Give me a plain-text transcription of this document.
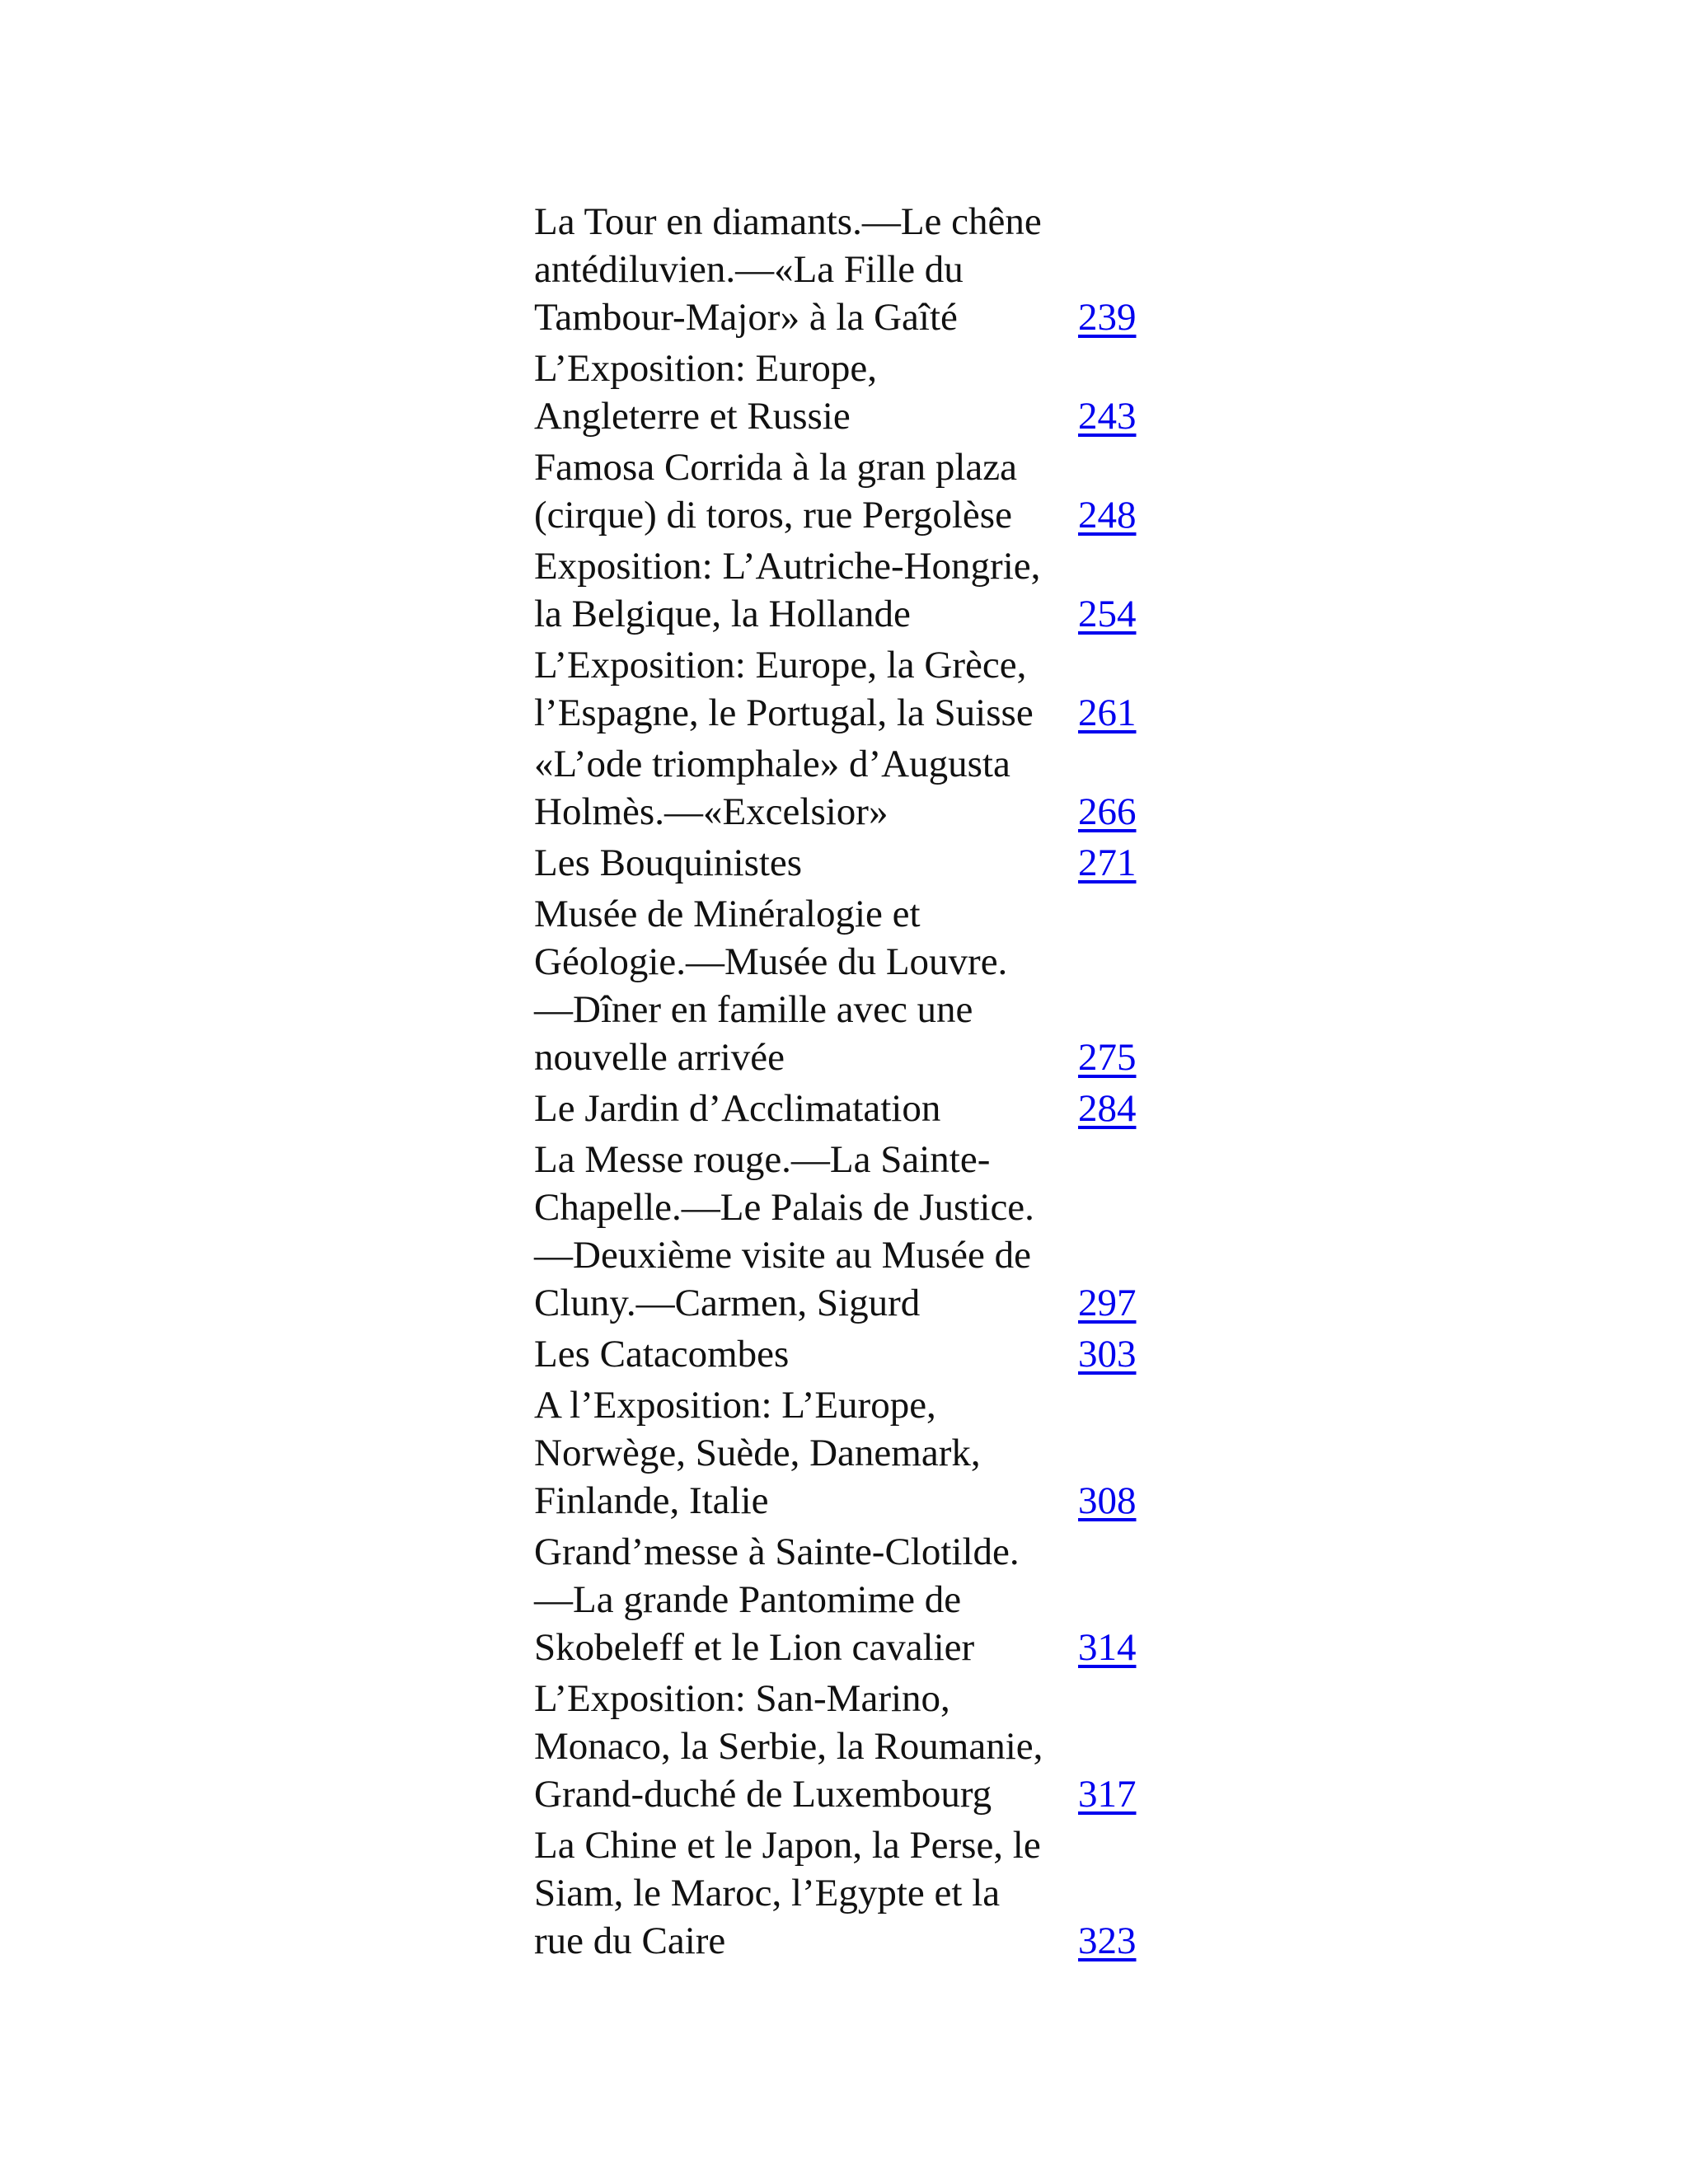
La Tour en diamants.—Le chêne
antédiluvien.—«La Fille du
Tambour-Major» à la Gaîté	239

L’Exposition: Europe,
Angleterre et Russie	243

Famosa Corrida à la gran plaza
(cirque) di toros, rue Pergolèse	248

Exposition: L’Autriche-Hongrie,
la Belgique, la Hollande	254

L’Exposition: Europe, la Grèce,
l’Espagne, le Portugal, la Suisse	261

«L’ode triomphale» d’Augusta
Holmès.—«Excelsior»	266

Les Bouquinistes	271

Musée de Minéralogie et
Géologie.—Musée du Louvre.
—Dîner en famille avec une
nouvelle arrivée	275

Le Jardin d’Acclimatation	284

La Messe rouge.—La Sainte-
Chapelle.—Le Palais de Justice.
—Deuxième visite au Musée de
Cluny.—Carmen, Sigurd	297

Les Catacombes	303

A l’Exposition: L’Europe,
Norwège, Suède, Danemark,
Finlande, Italie	308

Grand’messe à Sainte-Clotilde.
—La grande Pantomime de
Skobeleff et le Lion cavalier	314

L’Exposition: San-Marino,
Monaco, la Serbie, la Roumanie,
Grand-duché de Luxembourg	317

La Chine et le Japon, la Perse, le
Siam, le Maroc, l’Egypte et la
rue du Caire	323
